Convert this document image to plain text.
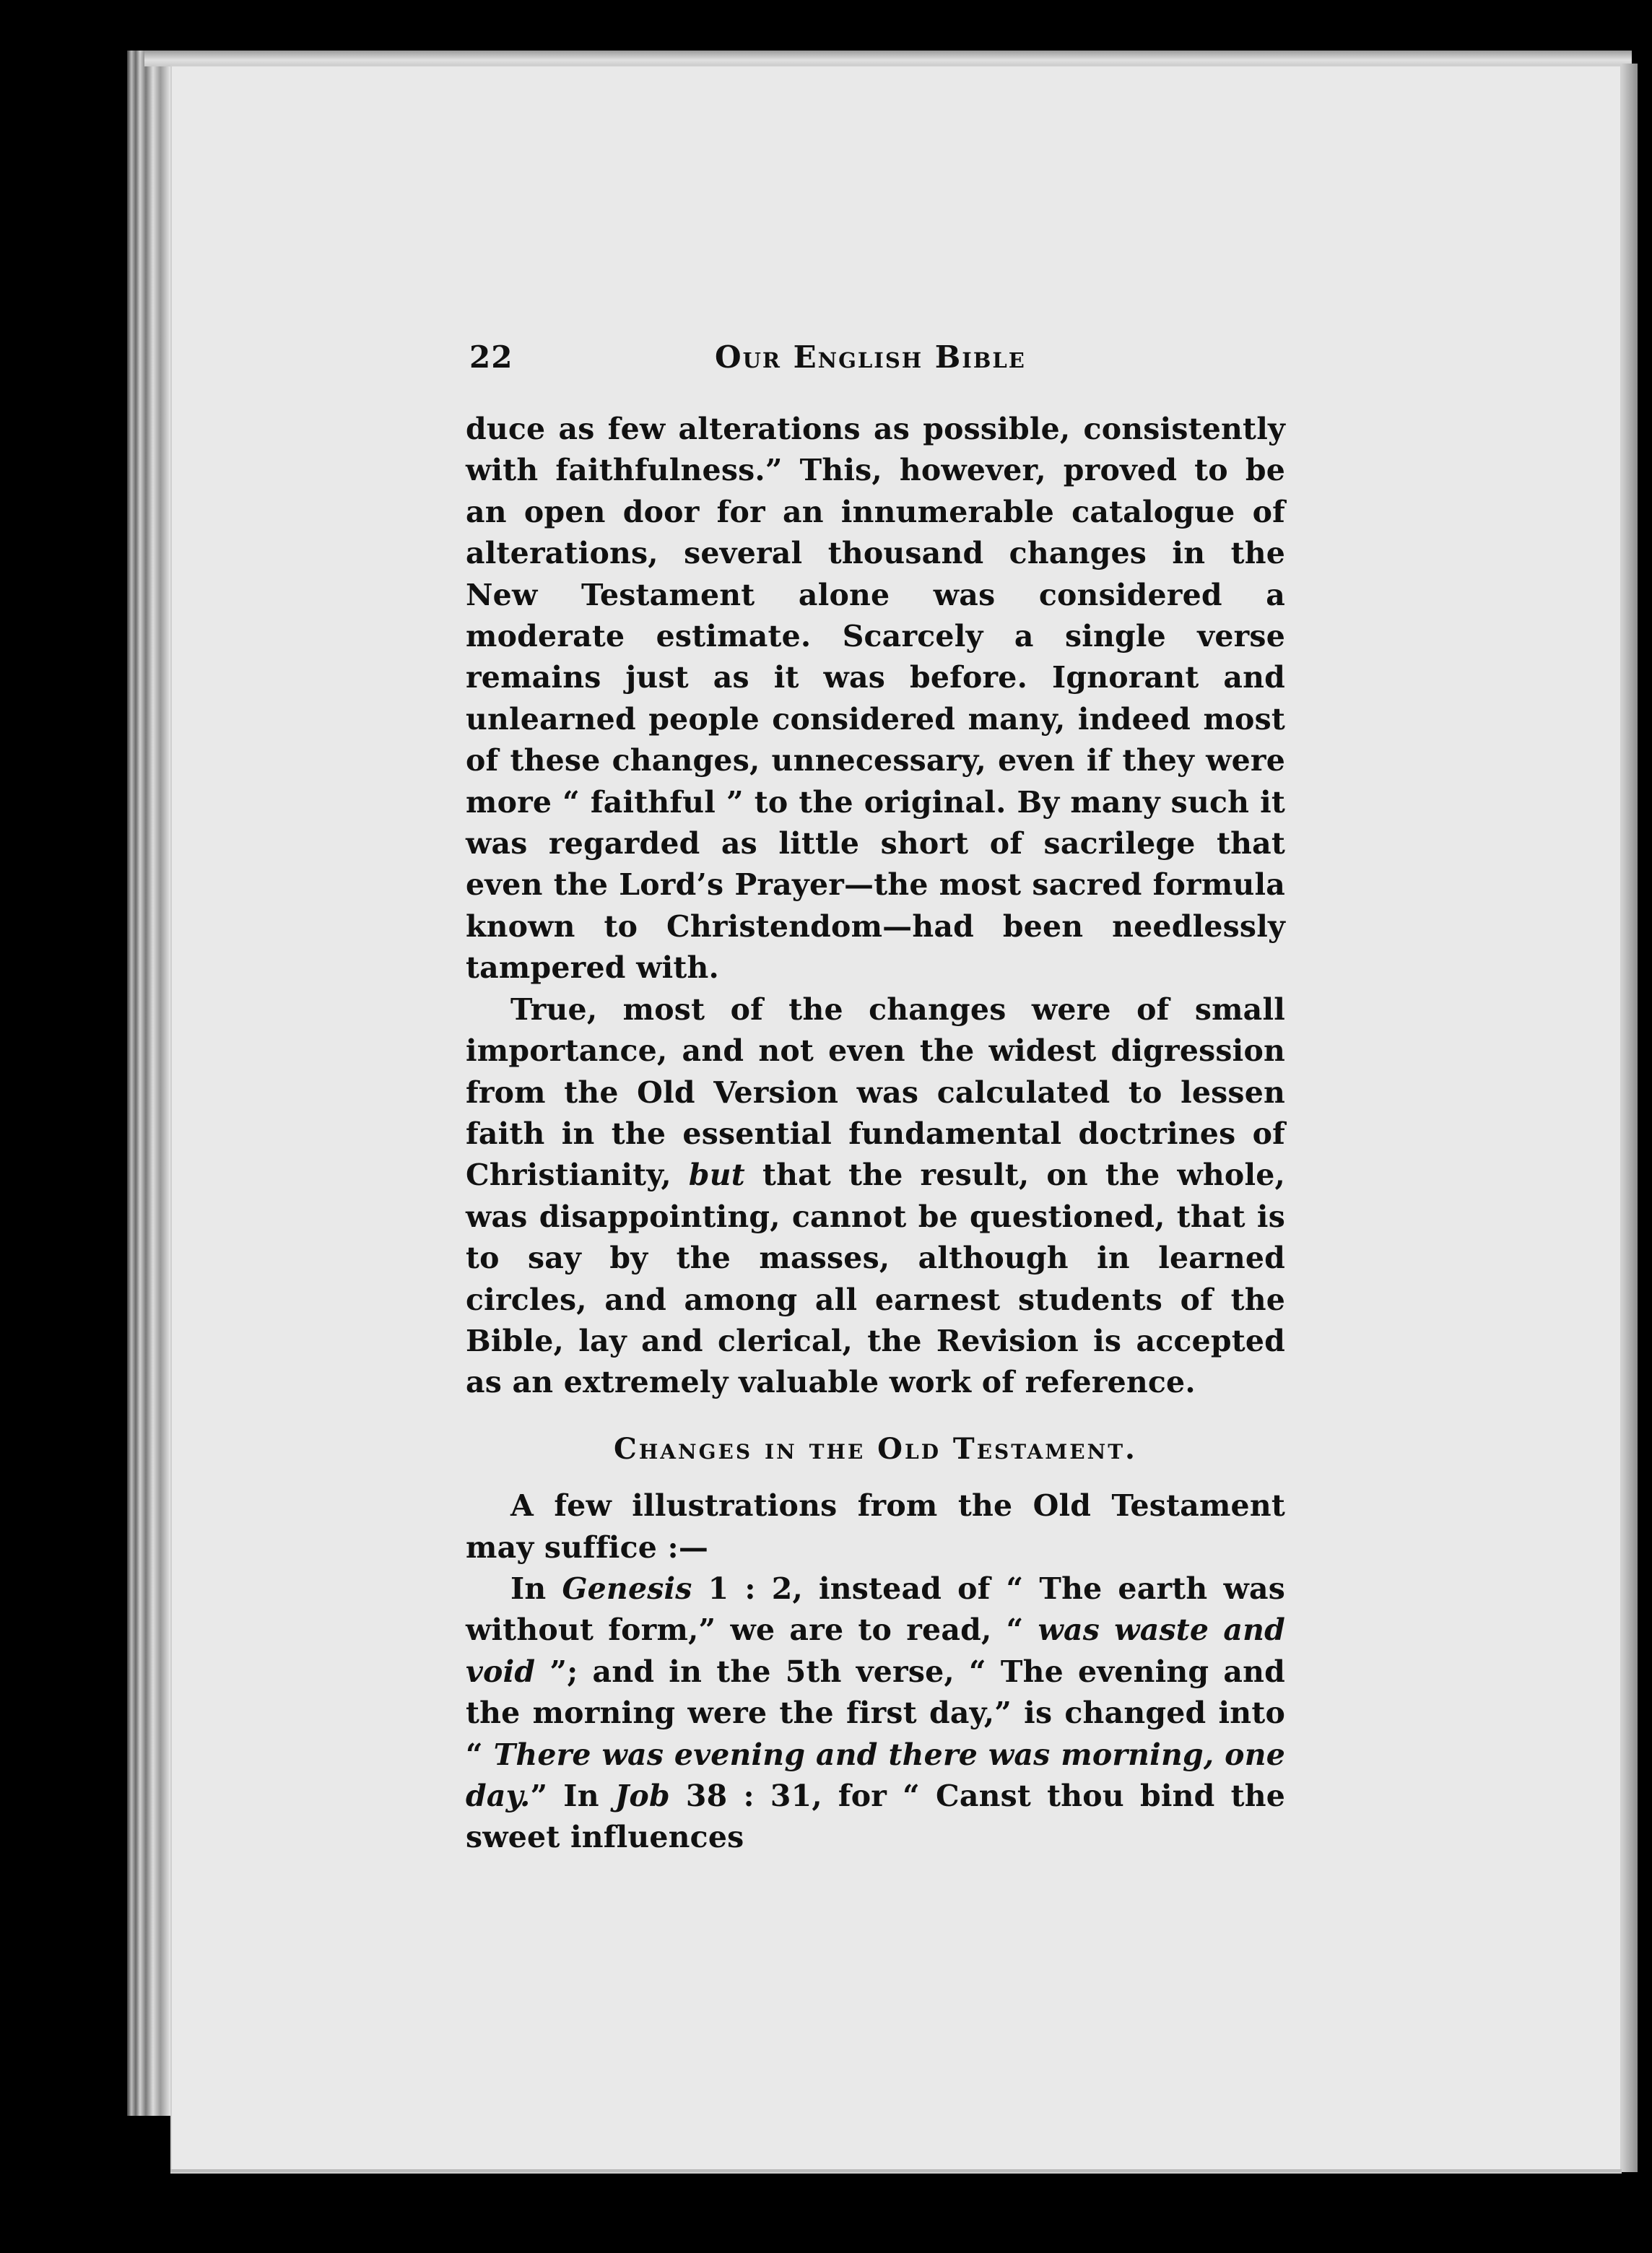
22	Our English Bible

duce as few alterations as possible, consistently with faithfulness.” This, however, proved to be an open door for an innumerable catalogue of alterations, several thousand changes in the New Testament alone was considered a moderate estimate. Scarcely a single verse remains just as it was before. Ignorant and unlearned people considered many, indeed most of these changes, unnecessary, even if they were more “ faithful ” to the original. By many such it was regarded as little short of sacrilege that even the Lord’s Prayer—the most sacred formula known to Christendom—had been needlessly tampered with.

True, most of the changes were of small importance, and not even the widest digression from the Old Version was calculated to lessen faith in the essential fundamental doctrines of Christianity, but that the result, on the whole, was disappointing, cannot be questioned, that is to say by the masses, although in learned circles, and among all earnest students of the Bible, lay and clerical, the Revision is accepted as an extremely valuable work of reference.

Changes in the Old Testament.

A few illustrations from the Old Testament may suffice :—

In Genesis 1 : 2, instead of “ The earth was without form,” we are to read, “ was waste and void ”; and in the 5th verse, “ The evening and the morning were the first day,” is changed into “ There was evening and there was morning, one day.” In Job 38 : 31, for “ Canst thou bind the sweet influences
